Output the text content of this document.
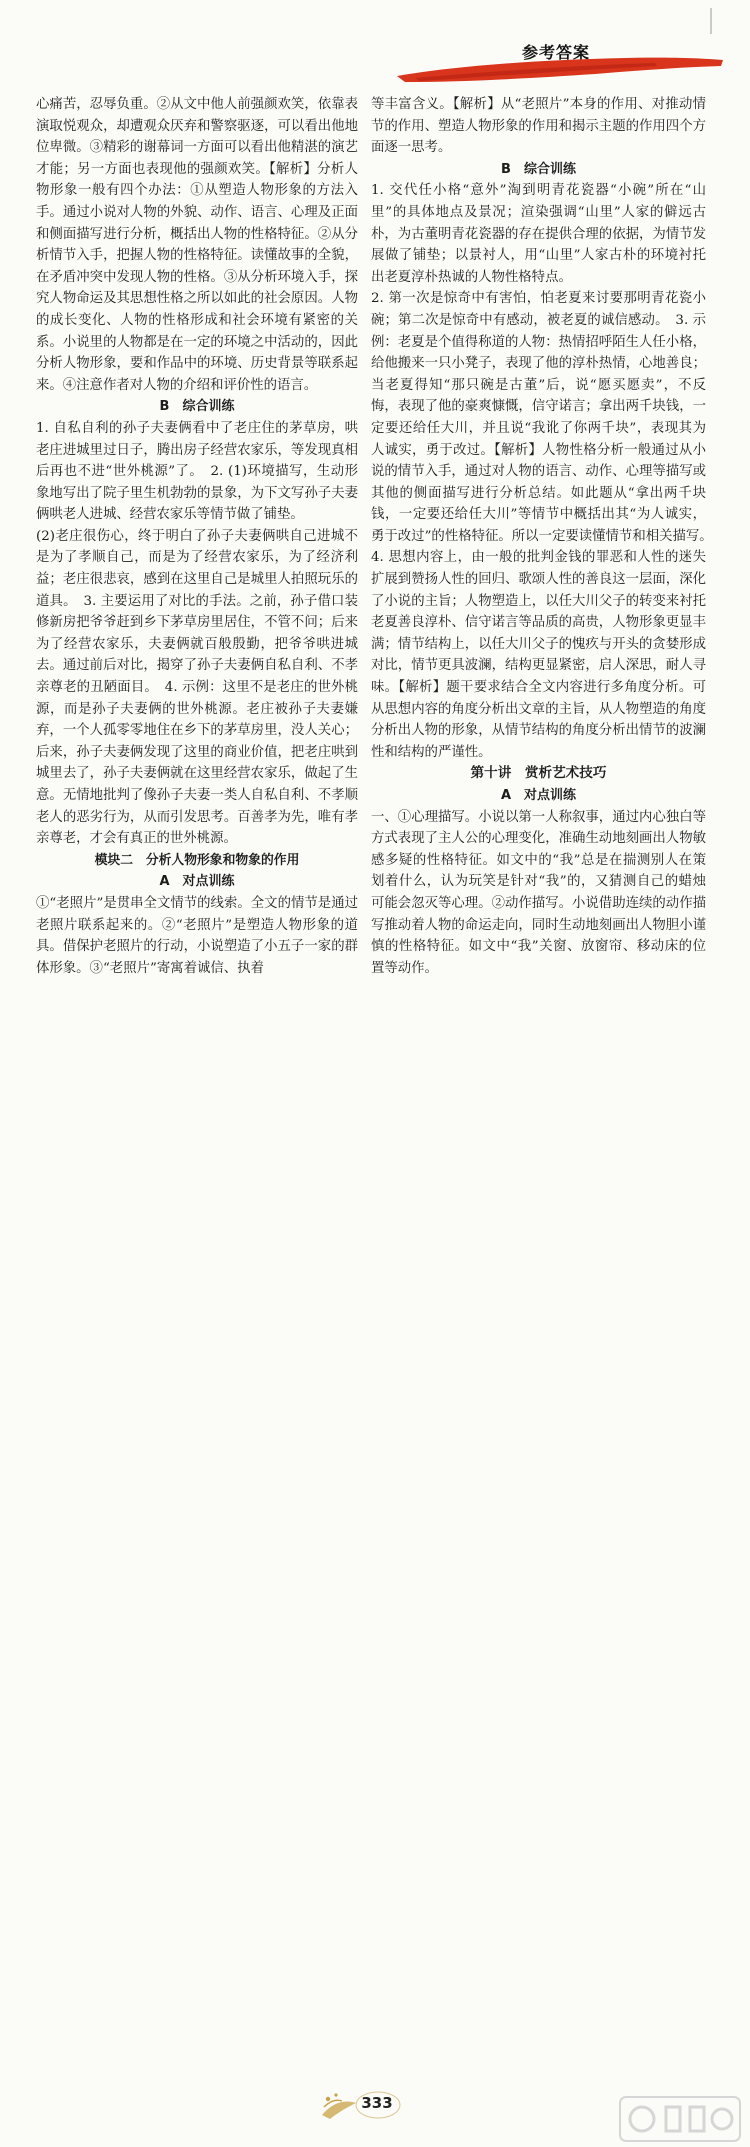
参考答案

心痛苦，忍辱负重。②从文中他人前强颜欢笑，依靠表演取悦观众，却遭观众厌弃和警察驱逐，可以看出他地位卑微。③精彩的谢幕词一方面可以看出他精湛的演艺才能；另一方面也表现他的强颜欢笑。【解析】分析人物形象一般有四个办法：①从塑造人物形象的方法入手。通过小说对人物的外貌、动作、语言、心理及正面和侧面描写进行分析，概括出人物的性格特征。②从分析情节入手，把握人物的性格特征。读懂故事的全貌，在矛盾冲突中发现人物的性格。③从分析环境入手，探究人物命运及其思想性格之所以如此的社会原因。人物的成长变化、人物的性格形成和社会环境有紧密的关系。小说里的人物都是在一定的环境之中活动的，因此分析人物形象，要和作品中的环境、历史背景等联系起来。④注意作者对人物的介绍和评价性的语言。

B　综合训练

1. 自私自利的孙子夫妻俩看中了老庄住的茅草房，哄老庄进城里过日子，腾出房子经营农家乐，等发现真相后再也不进“世外桃源”了。　2. (1)环境描写，生动形象地写出了院子里生机勃勃的景象，为下文写孙子夫妻俩哄老人进城、经营农家乐等情节做了铺垫。

(2)老庄很伤心，终于明白了孙子夫妻俩哄自己进城不是为了孝顺自己，而是为了经营农家乐，为了经济利益；老庄很悲哀，感到在这里自己是城里人拍照玩乐的道具。　3. 主要运用了对比的手法。之前，孙子借口装修新房把爷爷赶到乡下茅草房里居住，不管不问；后来为了经营农家乐，夫妻俩就百般殷勤，把爷爷哄进城去。通过前后对比，揭穿了孙子夫妻俩自私自利、不孝亲尊老的丑陋面目。　4. 示例：这里不是老庄的世外桃源，而是孙子夫妻俩的世外桃源。老庄被孙子夫妻嫌弃，一个人孤零零地住在乡下的茅草房里，没人关心；后来，孙子夫妻俩发现了这里的商业价值，把老庄哄到城里去了，孙子夫妻俩就在这里经营农家乐，做起了生意。无情地批判了像孙子夫妻一类人自私自利、不孝顺老人的恶劣行为，从而引发思考。百善孝为先，唯有孝亲尊老，才会有真正的世外桃源。

模块二　分析人物形象和物象的作用

A　对点训练

①“老照片”是贯串全文情节的线索。全文的情节是通过老照片联系起来的。②“老照片”是塑造人物形象的道具。借保护老照片的行动，小说塑造了小五子一家的群体形象。③“老照片”寄寓着诚信、执着

等丰富含义。【解析】从“老照片”本身的作用、对推动情节的作用、塑造人物形象的作用和揭示主题的作用四个方面逐一思考。

B　综合训练

1. 交代任小格“意外”淘到明青花瓷器“小碗”所在“山里”的具体地点及景况；渲染强调“山里”人家的僻远古朴，为古董明青花瓷器的存在提供合理的依据，为情节发展做了铺垫；以景衬人，用“山里”人家古朴的环境衬托出老夏淳朴热诚的人物性格特点。

2. 第一次是惊奇中有害怕，怕老夏来讨要那明青花瓷小碗；第二次是惊奇中有感动，被老夏的诚信感动。　3. 示例：老夏是个值得称道的人物：热情招呼陌生人任小格，给他搬来一只小凳子，表现了他的淳朴热情，心地善良；当老夏得知“那只碗是古董”后，说“愿买愿卖”，不反悔，表现了他的豪爽慷慨，信守诺言；拿出两千块钱，一定要还给任大川，并且说“我讹了你两千块”，表现其为人诚实，勇于改过。【解析】人物性格分析一般通过从小说的情节入手，通过对人物的语言、动作、心理等描写或其他的侧面描写进行分析总结。如此题从“拿出两千块钱，一定要还给任大川”等情节中概括出其“为人诚实，勇于改过”的性格特征。所以一定要读懂情节和相关描写。　4. 思想内容上，由一般的批判金钱的罪恶和人性的迷失扩展到赞扬人性的回归、歌颂人性的善良这一层面，深化了小说的主旨；人物塑造上，以任大川父子的转变来衬托老夏善良淳朴、信守诺言等品质的高贵，人物形象更显丰满；情节结构上，以任大川父子的愧疚与开头的贪婪形成对比，情节更具波澜，结构更显紧密，启人深思，耐人寻味。【解析】题干要求结合全文内容进行多角度分析。可从思想内容的角度分析出文章的主旨，从人物塑造的角度分析出人物的形象，从情节结构的角度分析出情节的波澜性和结构的严谨性。

第十讲　赏析艺术技巧

A　对点训练

一、①心理描写。小说以第一人称叙事，通过内心独白等方式表现了主人公的心理变化，准确生动地刻画出人物敏感多疑的性格特征。如文中的“我”总是在揣测别人在策划着什么，认为玩笑是针对“我”的，又猜测自己的蜡烛可能会忽灭等心理。②动作描写。小说借助连续的动作描写推动着人物的命运走向，同时生动地刻画出人物胆小谨慎的性格特征。如文中“我”关窗、放窗帘、移动床的位置等动作。

333
